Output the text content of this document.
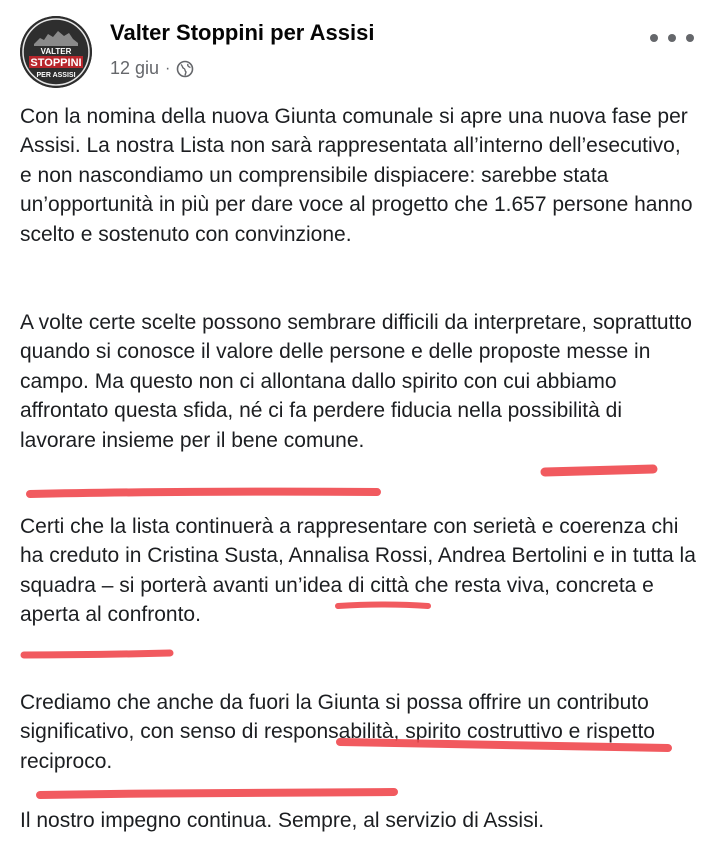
VALTER
STOPPINI
PER ASSISI
Valter Stoppini per Assisi
12 giu ·

Con la nomina della nuova Giunta comunale si apre una nuova fase per Assisi. La nostra Lista non sarà rappresentata all’interno dell’esecutivo, e non nascondiamo un comprensibile dispiacere: sarebbe stata un’opportunità in più per dare voce al progetto che 1.657 persone hanno scelto e sostenuto con convinzione.

A volte certe scelte possono sembrare difficili da interpretare, soprattutto quando si conosce il valore delle persone e delle proposte messe in campo. Ma questo non ci allontana dallo spirito con cui abbiamo affrontato questa sfida, né ci fa perdere fiducia nella possibilità di lavorare insieme per il bene comune.

Certi che la lista continuerà a rappresentare con serietà e coerenza chi ha creduto in Cristina Susta, Annalisa Rossi, Andrea Bertolini e in tutta la squadra – si porterà avanti un’idea di città che resta viva, concreta e aperta al confronto.

Crediamo che anche da fuori la Giunta si possa offrire un contributo significativo, con senso di responsabilità, spirito costruttivo e rispetto reciproco.

Il nostro impegno continua. Sempre, al servizio di Assisi.
